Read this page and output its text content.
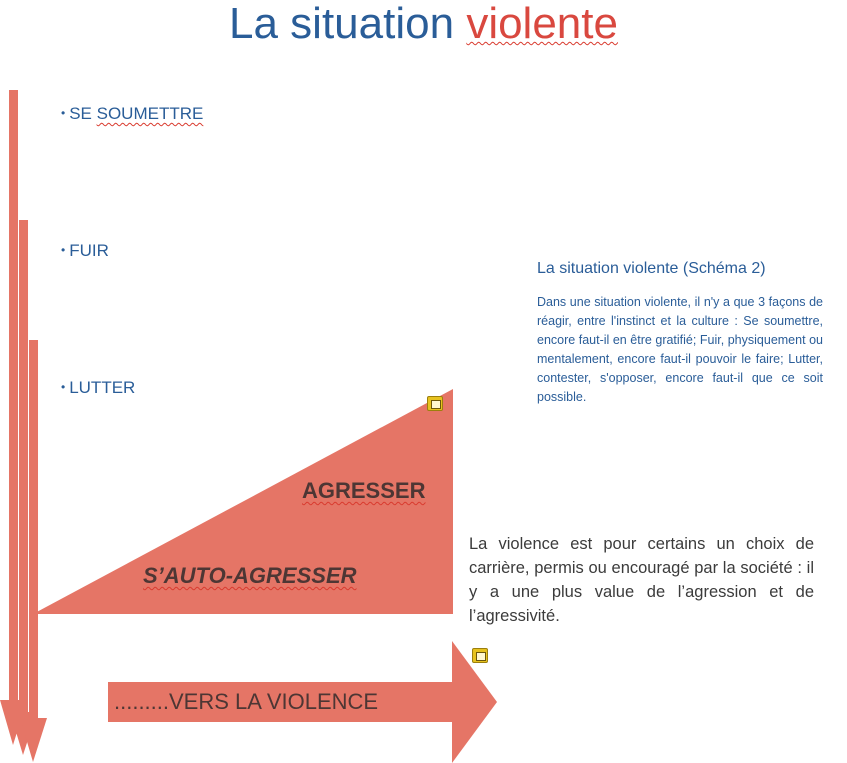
La situation violente
• SE SOUMETTRE
• FUIR
• LUTTER
AGRESSER
S’AUTO-AGRESSER
.........VERS LA VIOLENCE
La situation violente (Schéma 2)
Dans une situation violente, il n'y a que 3 façons de réagir, entre l'instinct et la culture : Se soumettre, encore faut-il en être gratifié; Fuir, physiquement ou mentalement, encore faut-il pouvoir le faire; Lutter, contester, s'opposer, encore faut-il que ce soit possible.
La violence est pour certains un choix de carrière, permis ou encouragé par la société : il y a une plus value de l’agression et de l’agressivité.
